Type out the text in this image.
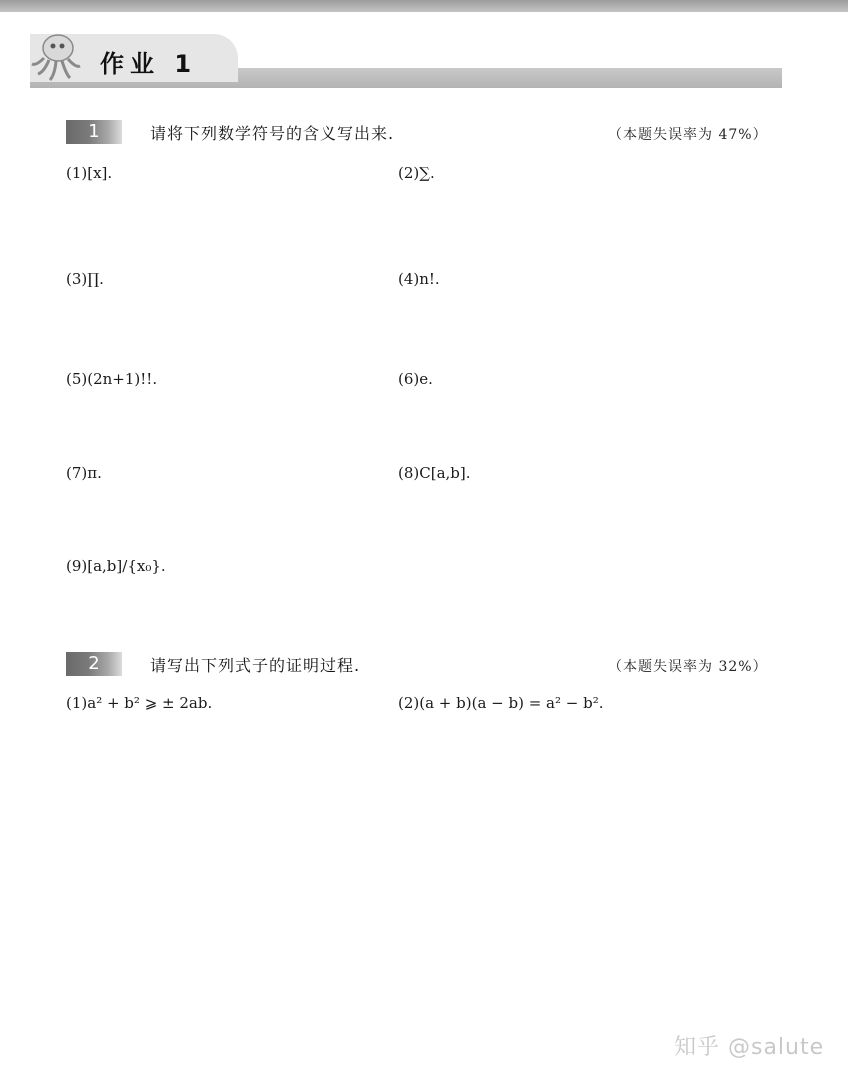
作业 1
1	请将下列数学符号的含义写出来.	（本题失误率为 47%）
(1)[x].	(2)∑.
(3)∏.	(4)n!.
(5)(2n+1)!!.	(6)e.
(7)π.	(8)C[a,b].
(9)[a,b]/{x₀}.
2	请写出下列式子的证明过程.	（本题失误率为 32%）
(1)a² + b² ⩾ ± 2ab.	(2)(a + b)(a − b) = a² − b².
知乎 @salute
